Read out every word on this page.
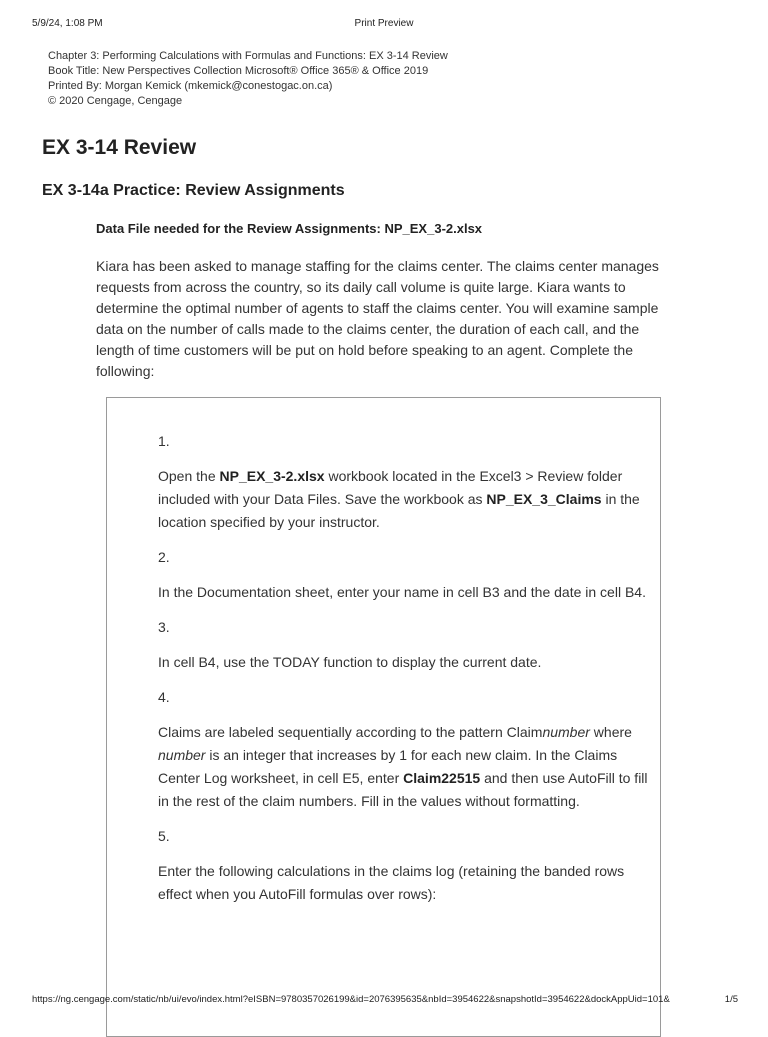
5/9/24, 1:08 PM	Print Preview
Chapter 3: Performing Calculations with Formulas and Functions: EX 3-14 Review
Book Title: New Perspectives Collection Microsoft® Office 365® & Office 2019
Printed By: Morgan Kemick (mkemick@conestogac.on.ca)
© 2020 Cengage, Cengage
EX 3-14 Review
EX 3-14a Practice: Review Assignments

Data File needed for the Review Assignments: NP_EX_3-2.xlsx

Kiara has been asked to manage staffing for the claims center. The claims center manages requests from across the country, so its daily call volume is quite large. Kiara wants to determine the optimal number of agents to staff the claims center. You will examine sample data on the number of calls made to the claims center, the duration of each call, and the length of time customers will be put on hold before speaking to an agent. Complete the following:

1.

Open the NP_EX_3-2.xlsx workbook located in the Excel3 > Review folder included with your Data Files. Save the workbook as NP_EX_3_Claims in the location specified by your instructor.

2.

In the Documentation sheet, enter your name in cell B3 and the date in cell B4.

3.

In cell B4, use the TODAY function to display the current date.

4.

Claims are labeled sequentially according to the pattern Claimnumber where number is an integer that increases by 1 for each new claim. In the Claims Center Log worksheet, in cell E5, enter Claim22515 and then use AutoFill to fill in the rest of the claim numbers. Fill in the values without formatting.

5.

Enter the following calculations in the claims log (retaining the banded rows effect when you AutoFill formulas over rows):

https://ng.cengage.com/static/nb/ui/evo/index.html?eISBN=9780357026199&id=2076395635&nbId=3954622&snapshotId=3954622&dockAppUid=101&	1/5
